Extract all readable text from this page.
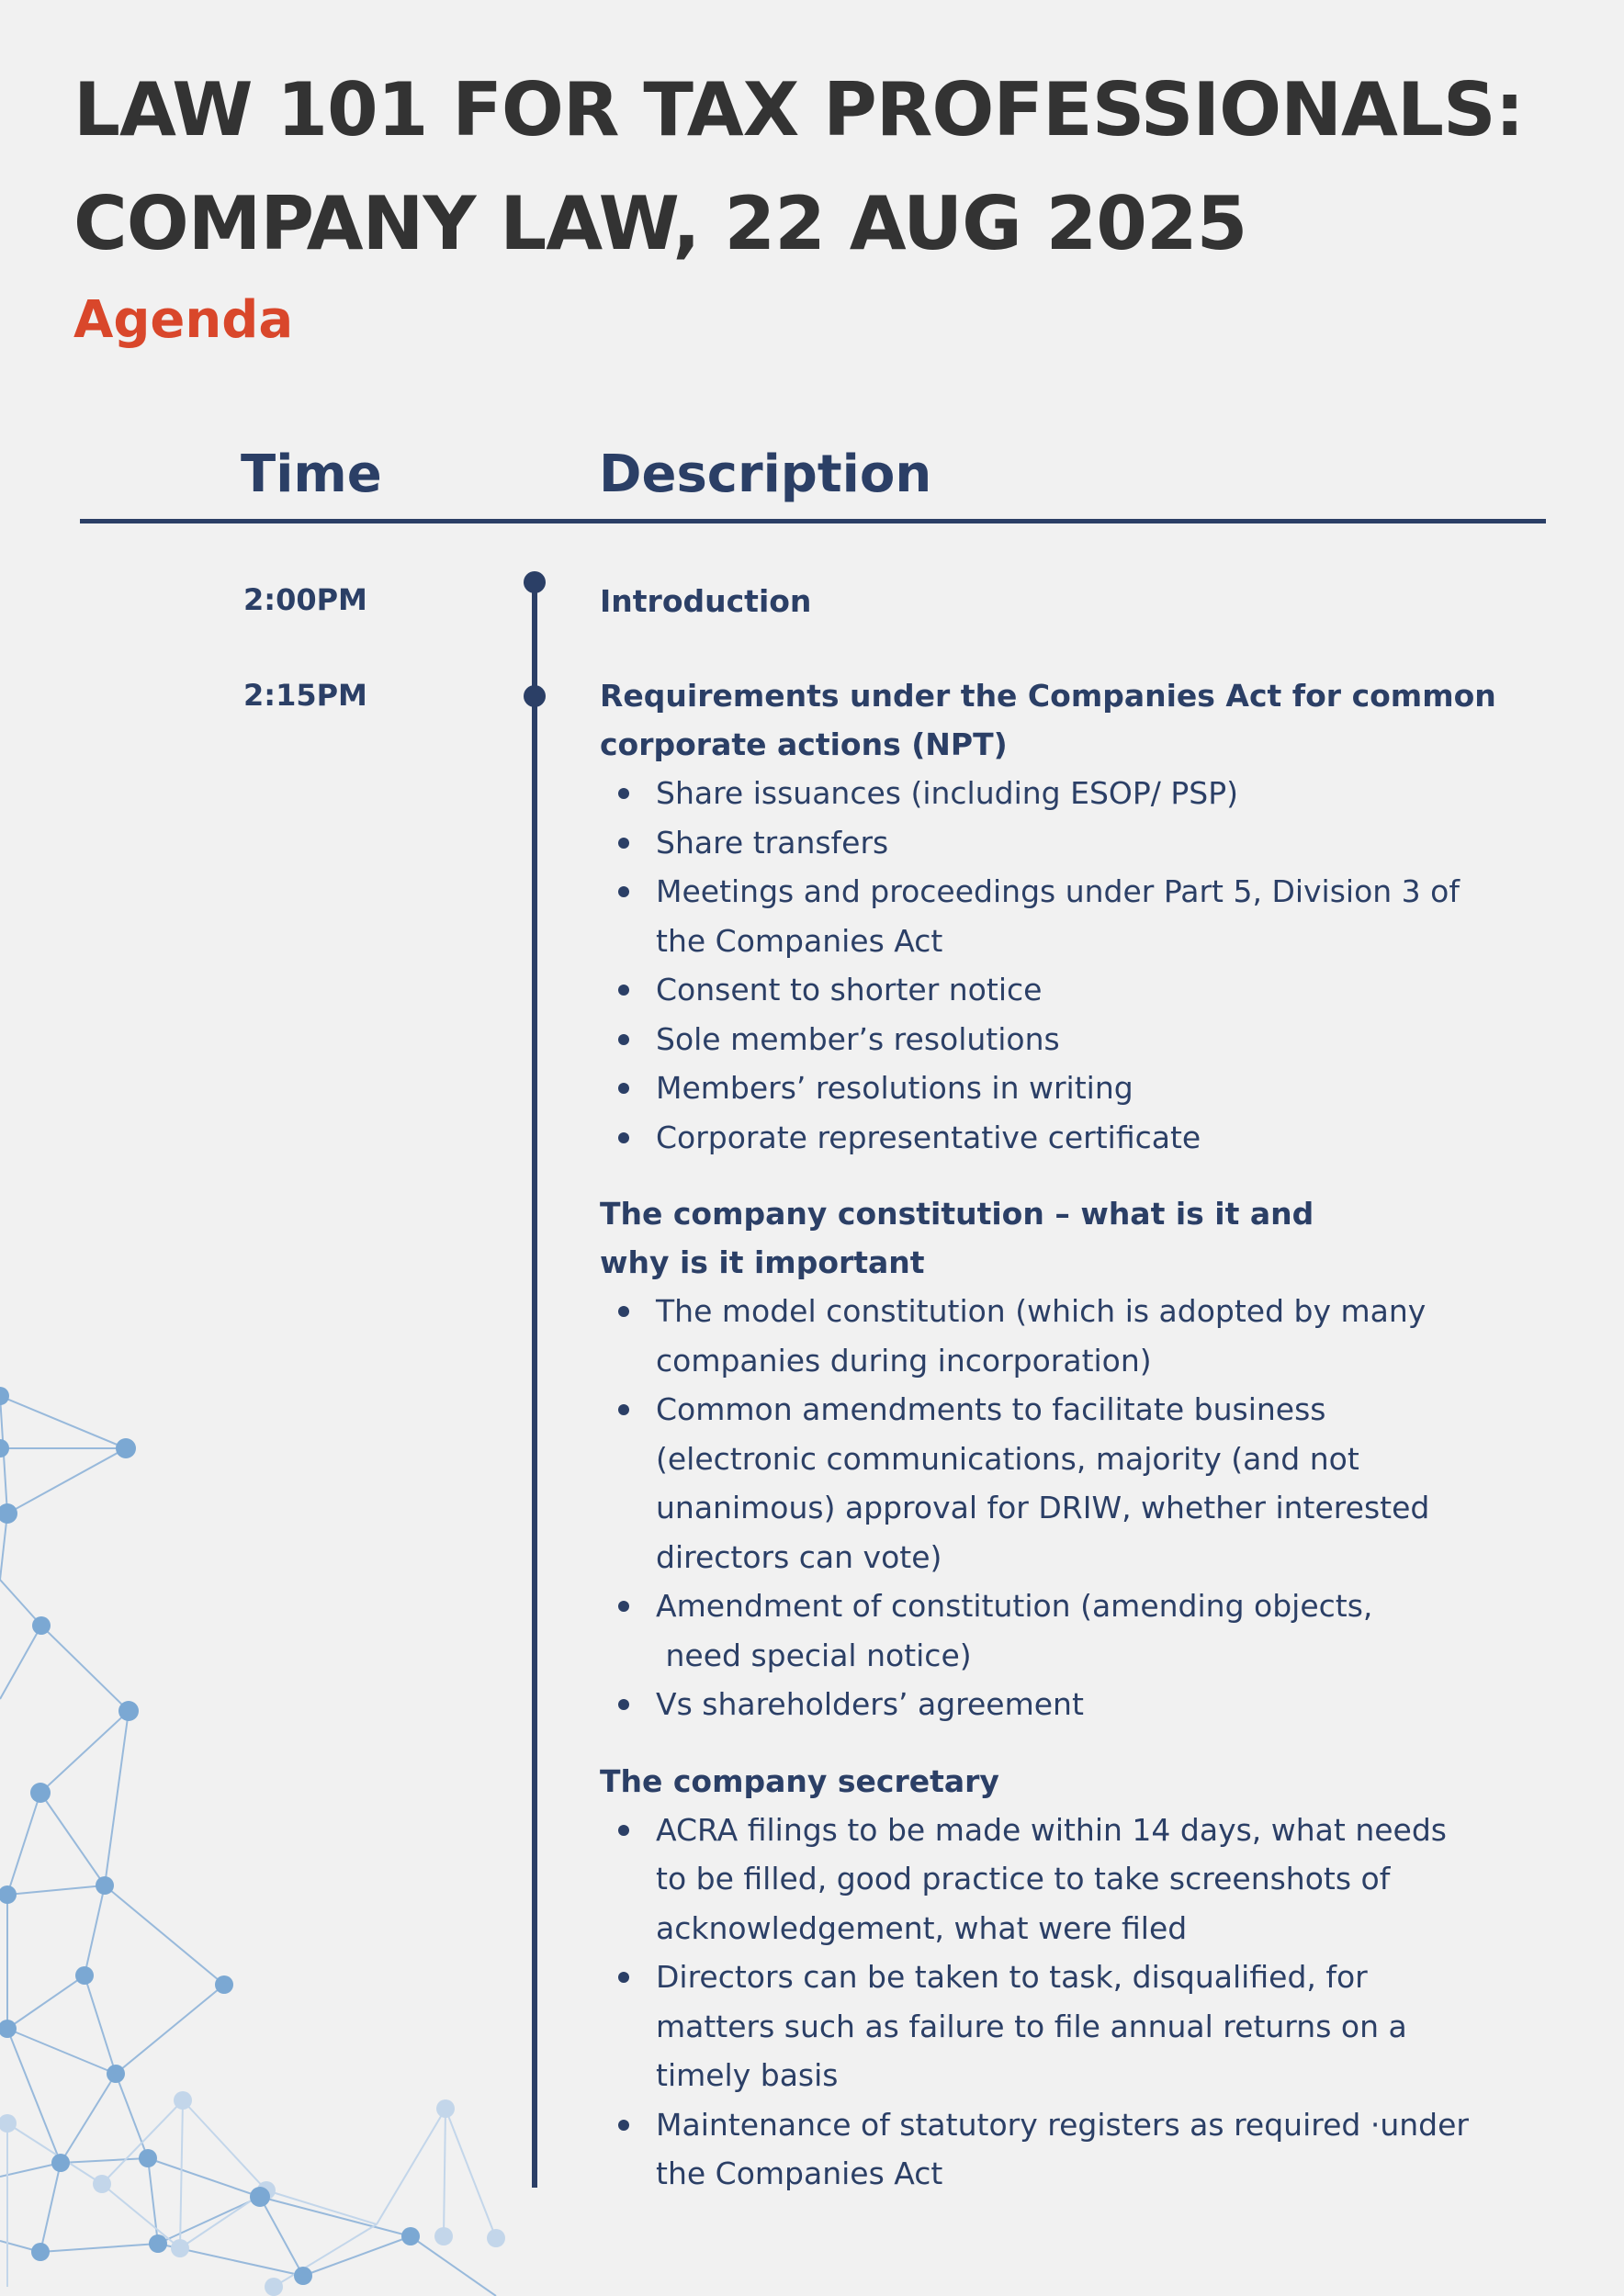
LAW 101 FOR TAX PROFESSIONALS:
COMPANY LAW, 22 AUG 2025
Agenda
Time	Description
2:00PM	Introduction

2:15PM	Requirements under the Companies Act for common
corporate actions (NPT)

Share issuances (including ESOP/ PSP)
Share transfers
Meetings and proceedings under Part 5, Division 3 of
the Companies Act
Consent to shorter notice
Sole member’s resolutions
Members’ resolutions in writing
Corporate representative certificate

The company constitution – what is it and
why is it important

The model constitution (which is adopted by many
companies during incorporation)
Common amendments to facilitate business
(electronic communications, majority (and not
unanimous) approval for DRIW, whether interested
directors can vote)
Amendment of constitution (amending objects,
need special notice)
Vs shareholders’ agreement

The company secretary

ACRA filings to be made within 14 days, what needs
to be filled, good practice to take screenshots of
acknowledgement, what were filed
Directors can be taken to task, disqualified, for
matters such as failure to file annual returns on a
timely basis
Maintenance of statutory registers as required ·under
the Companies Act
